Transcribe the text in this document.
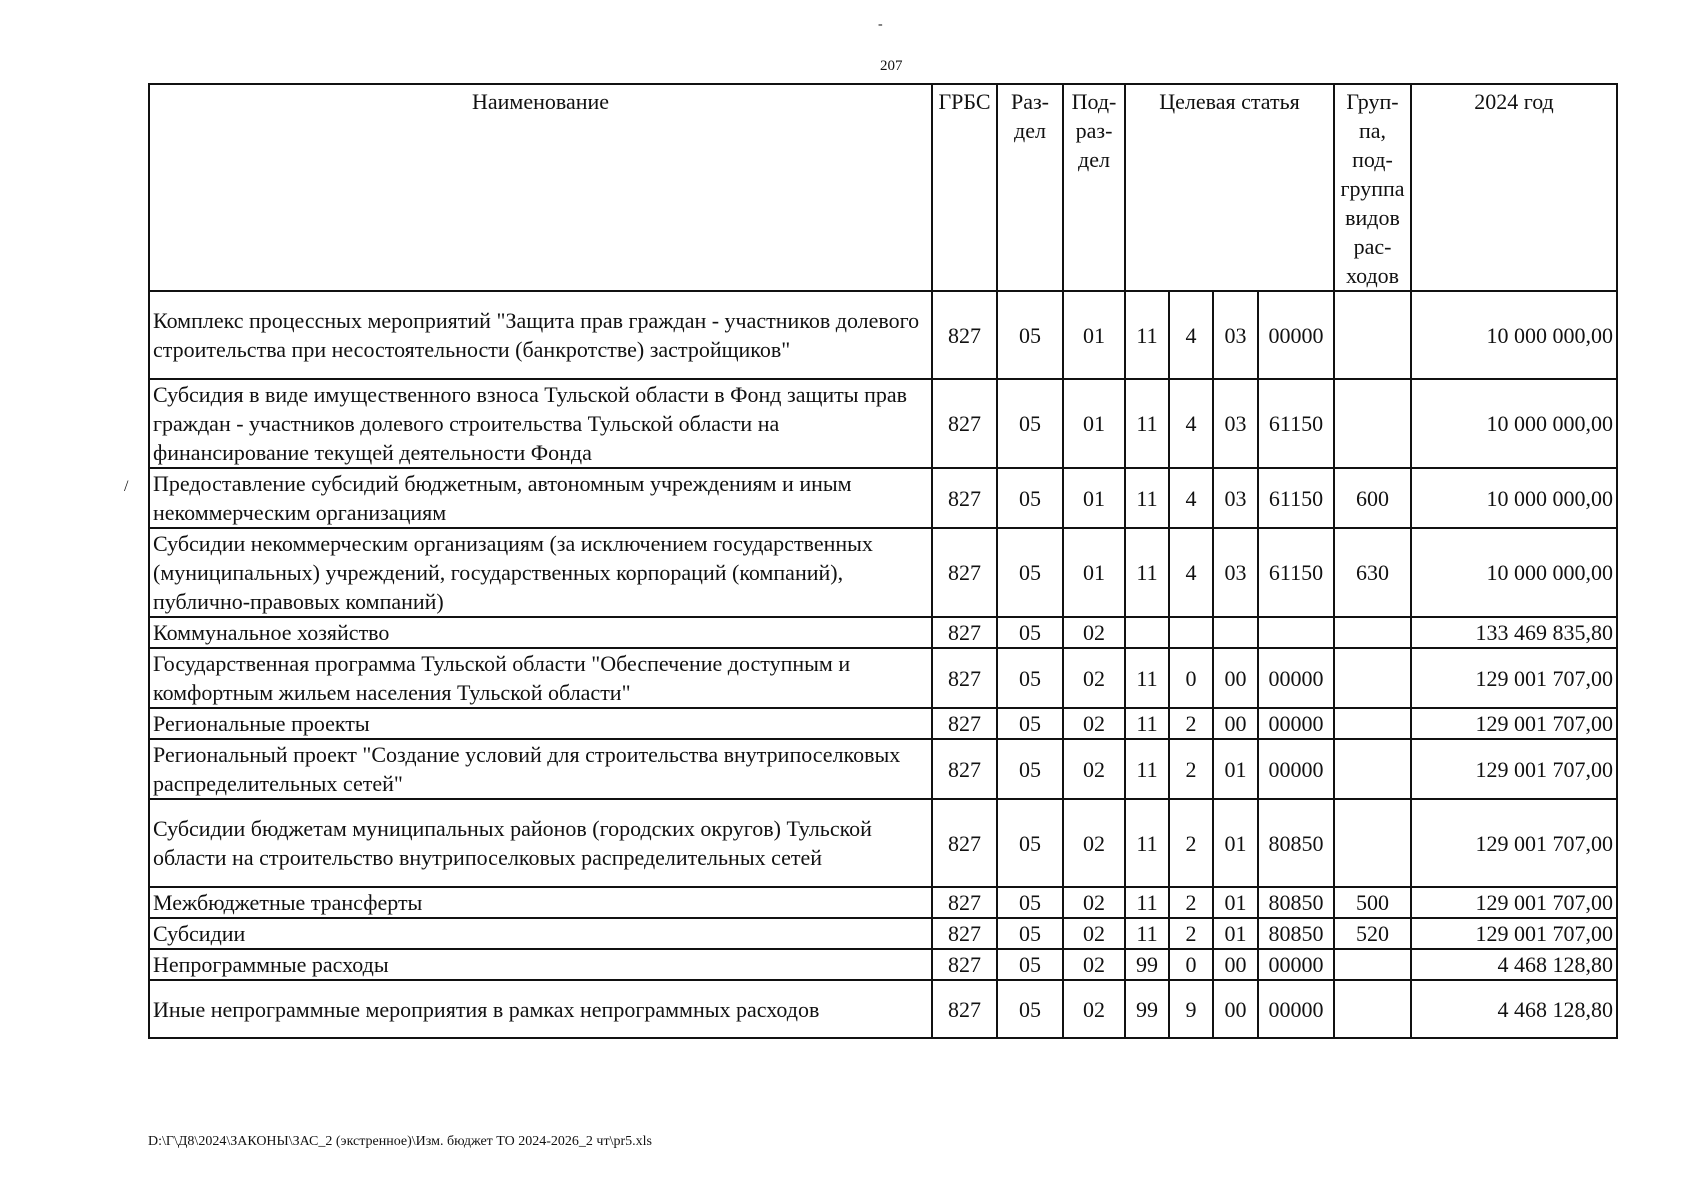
-
207
/
Наименование	ГРБС	Раз- дел	Под- раз- дел	Целевая статья				Груп- па, под- группа видов рас- ходов	2024 год
Комплекс процессных мероприятий "Защита прав граждан - участников долевого строительства при несостоятельности (банкротстве) застройщиков"	827	05	01	11	4	03	00000		10 000 000,00
Субсидия в виде имущественного взноса Тульской области в Фонд защиты прав граждан - участников долевого строительства Тульской области на финансирование текущей деятельности Фонда	827	05	01	11	4	03	61150		10 000 000,00
Предоставление субсидий бюджетным, автономным учреждениям и иным некоммерческим организациям	827	05	01	11	4	03	61150	600	10 000 000,00
Субсидии некоммерческим организациям (за исключением государственных (муниципальных) учреждений, государственных корпораций (компаний), публично-правовых компаний)	827	05	01	11	4	03	61150	630	10 000 000,00
Коммунальное хозяйство	827	05	02						133 469 835,80
Государственная программа Тульской области "Обеспечение доступным и комфортным жильем населения Тульской области"	827	05	02	11	0	00	00000		129 001 707,00
Региональные проекты	827	05	02	11	2	00	00000		129 001 707,00
Региональный проект "Создание условий для строительства внутрипоселковых распределительных сетей"	827	05	02	11	2	01	00000		129 001 707,00
Субсидии бюджетам муниципальных районов (городских округов) Тульской области на строительство внутрипоселковых распределительных сетей	827	05	02	11	2	01	80850		129 001 707,00
Межбюджетные трансферты	827	05	02	11	2	01	80850	500	129 001 707,00
Субсидии	827	05	02	11	2	01	80850	520	129 001 707,00
Непрограммные расходы	827	05	02	99	0	00	00000		4 468 128,80
Иные непрограммные мероприятия в рамках непрограммных расходов	827	05	02	99	9	00	00000		4 468 128,80
D:\Г\Д8\2024\ЗАКОНЫ\ЗАС_2 (экстренное)\Изм. бюджет ТО 2024-2026_2 чт\pr5.xls
